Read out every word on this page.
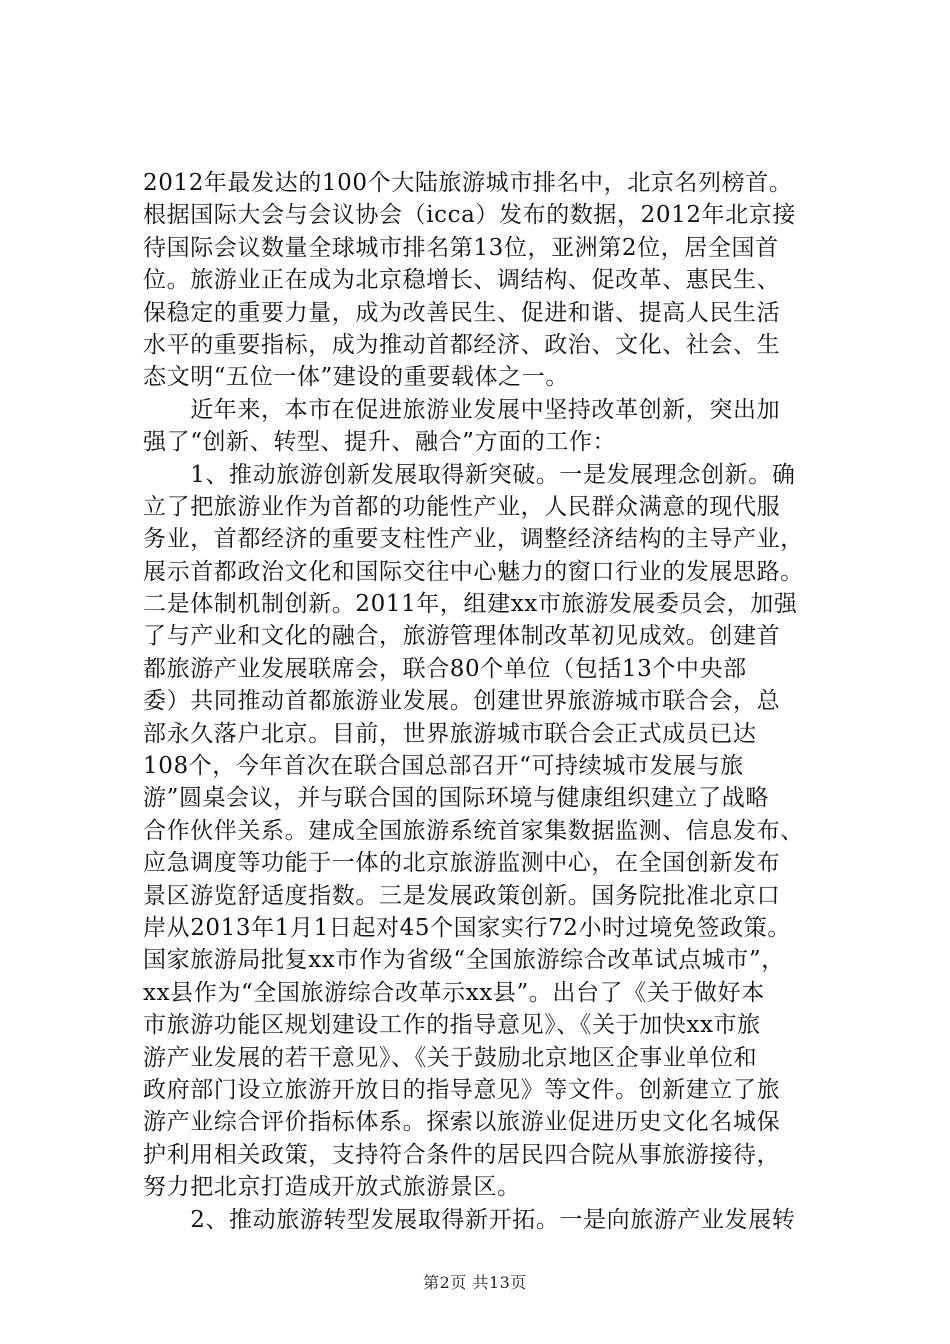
2012年最发达的100个大陆旅游城市排名中，北京名列榜首。
根据国际大会与会议协会（icca）发布的数据，2012年北京接
待国际会议数量全球城市排名第13位，亚洲第2位，居全国首
位。旅游业正在成为北京稳增长、调结构、促改革、惠民生、
保稳定的重要力量，成为改善民生、促进和谐、提高人民生活
水平的重要指标，成为推动首都经济、政治、文化、社会、生
态文明“五位一体”建设的重要载体之一。
　　近年来，本市在促进旅游业发展中坚持改革创新，突出加
强了“创新、转型、提升、融合”方面的工作：
　　1、推动旅游创新发展取得新突破。一是发展理念创新。确
立了把旅游业作为首都的功能性产业，人民群众满意的现代服
务业，首都经济的重要支柱性产业，调整经济结构的主导产业，
展示首都政治文化和国际交往中心魅力的窗口行业的发展思路。
二是体制机制创新。2011年，组建xx市旅游发展委员会，加强
了与产业和文化的融合，旅游管理体制改革初见成效。创建首
都旅游产业发展联席会，联合80个单位（包括13个中央部
委）共同推动首都旅游业发展。创建世界旅游城市联合会，总
部永久落户北京。目前，世界旅游城市联合会正式成员已达
108个，今年首次在联合国总部召开“可持续城市发展与旅
游”圆桌会议，并与联合国的国际环境与健康组织建立了战略
合作伙伴关系。建成全国旅游系统首家集数据监测、信息发布、
应急调度等功能于一体的北京旅游监测中心，在全国创新发布
景区游览舒适度指数。三是发展政策创新。国务院批准北京口
岸从2013年1月1日起对45个国家实行72小时过境免签政策。
国家旅游局批复xx市作为省级“全国旅游综合改革试点城市”，
xx县作为“全国旅游综合改革示xx县”。出台了《关于做好本
市旅游功能区规划建设工作的指导意见》、《关于加快xx市旅
游产业发展的若干意见》、《关于鼓励北京地区企事业单位和
政府部门设立旅游开放日的指导意见》等文件。创新建立了旅
游产业综合评价指标体系。探索以旅游业促进历史文化名城保
护利用相关政策，支持符合条件的居民四合院从事旅游接待，
努力把北京打造成开放式旅游景区。
　　2、推动旅游转型发展取得新开拓。一是向旅游产业发展转
第2页 共13页
